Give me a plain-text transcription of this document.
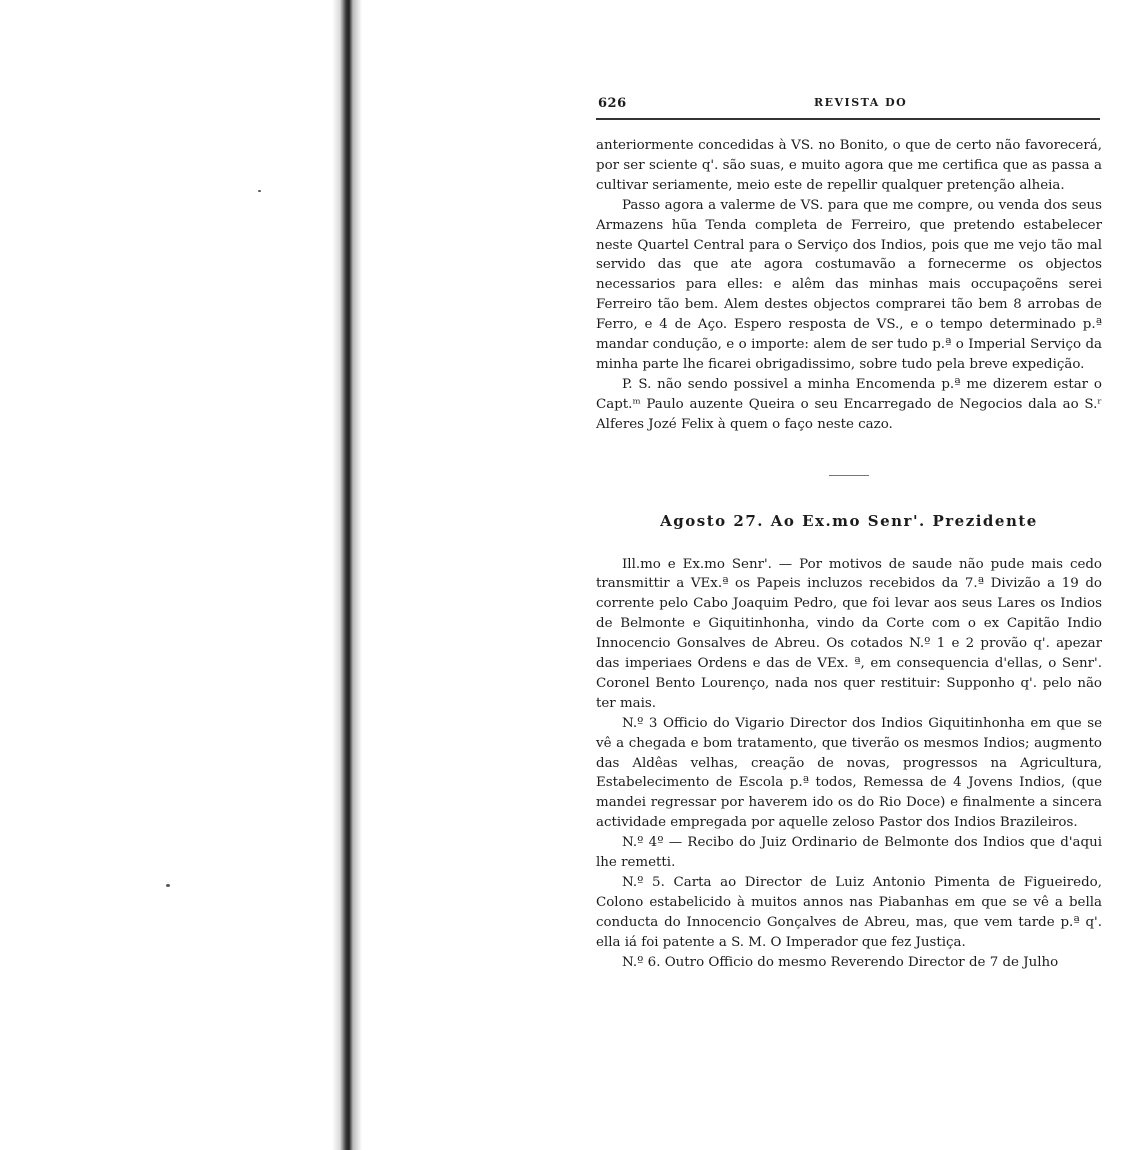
626	REVISTA DO

anteriormente concedidas à VS. no Bonito, o que de certo não favorecerá, por ser sciente q'. são suas, e muito agora que me certifica que as passa a cultivar seriamente, meio este de repellir qualquer pretenção alheia.

Passo agora a valerme de VS. para que me compre, ou venda dos seus Armazens hũa Tenda completa de Ferreiro, que pretendo estabelecer neste Quartel Central para o Serviço dos Indios, pois que me vejo tão mal servido das que ate agora costumavão a fornecerme os objectos necessarios para elles: e alêm das minhas mais occupaçoẽns serei Ferreiro tão bem. Alem destes objectos comprarei tão bem 8 arrobas de Ferro, e 4 de Aço. Espero resposta de VS., e o tempo determinado p.ª mandar condução, e o importe: alem de ser tudo p.ª o Imperial Serviço da minha parte lhe ficarei obrigadissimo, sobre tudo pela breve expedição.

P. S. não sendo possivel a minha Encomenda p.ª me dizerem estar o Capt.ᵐ Paulo auzente Queira o seu Encarregado de Negocios dala ao S.ʳ Alferes Jozé Felix à quem o faço neste cazo.

Agosto 27. Ao Ex.mo Senr'. Prezidente

Ill.mo e Ex.mo Senr'. — Por motivos de saude não pude mais cedo transmittir a VEx.ª os Papeis incluzos recebidos da 7.ª Divizão a 19 do corrente pelo Cabo Joaquim Pedro, que foi levar aos seus Lares os Indios de Belmonte e Giquitinhonha, vindo da Corte com o ex Capitão Indio Innocencio Gonsalves de Abreu. Os cotados N.º 1 e 2 provão q'. apezar das imperiaes Ordens e das de VEx. ª, em consequencia d'ellas, o Senr'. Coronel Bento Lourenço, nada nos quer restituir: Supponho q'. pelo não ter mais.

N.º 3 Officio do Vigario Director dos Indios Giquitinhonha em que se vê a chegada e bom tratamento, que tiverão os mesmos Indios; augmento das Aldêas velhas, creação de novas, progressos na Agricultura, Estabelecimento de Escola p.ª todos, Remessa de 4 Jovens Indios, (que mandei regressar por haverem ido os do Rio Doce) e finalmente a sincera actividade empregada por aquelle zeloso Pastor dos Indios Brazileiros.

N.º 4º — Recibo do Juiz Ordinario de Belmonte dos Indios que d'aqui lhe remetti.

N.º 5. Carta ao Director de Luiz Antonio Pimenta de Figueiredo, Colono estabelicido à muitos annos nas Piabanhas em que se vê a bella conducta do Innocencio Gonçalves de Abreu, mas, que vem tarde p.ª q'. ella iá foi patente a S. M. O Imperador que fez Justiça.

N.º 6. Outro Officio do mesmo Reverendo Director de 7 de Julho
